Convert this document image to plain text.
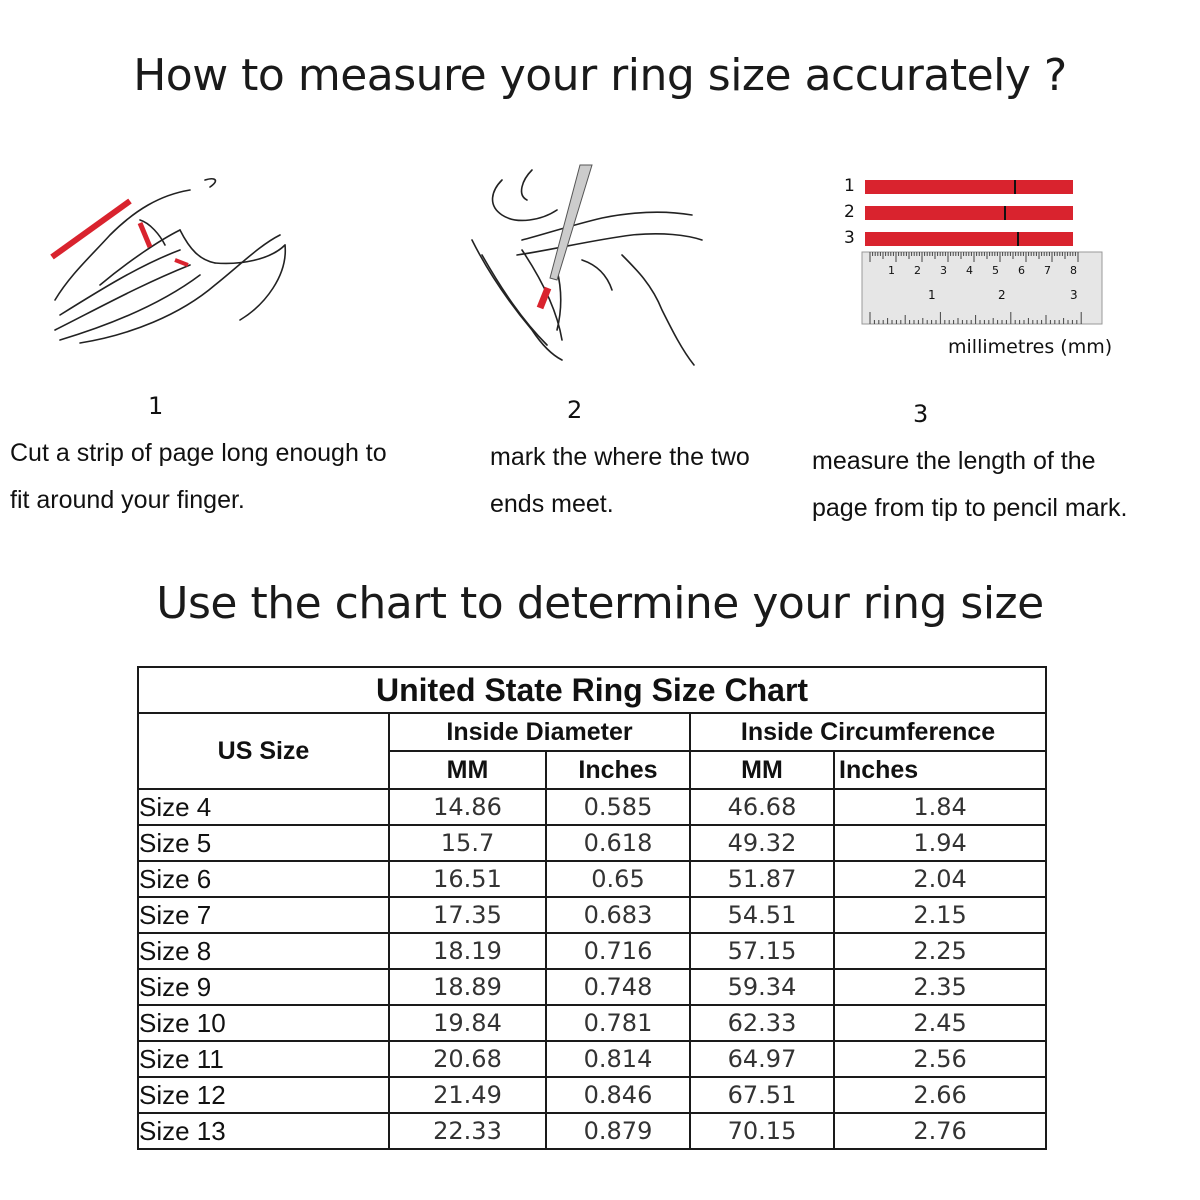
How to measure your ring size accurately ?
1
2
3
1 2 3 4 5 6 7 8
1	2	3
millimetres (mm)
1
Cut a strip of page long enough to
fit around your finger.
2
mark the where the two
ends meet.
3
measure the length of the
page from tip to pencil mark.
Use the chart to determine your ring size
United State Ring Size Chart				
US Size	Inside Diameter		Inside Circumference	
	MM	Inches	MM	Inches
Size 4	14.86	0.585	46.68	1.84
Size 5	15.7	0.618	49.32	1.94
Size 6	16.51	0.65	51.87	2.04
Size 7	17.35	0.683	54.51	2.15
Size 8	18.19	0.716	57.15	2.25
Size 9	18.89	0.748	59.34	2.35
Size 10	19.84	0.781	62.33	2.45
Size 11	20.68	0.814	64.97	2.56
Size 12	21.49	0.846	67.51	2.66
Size 13	22.33	0.879	70.15	2.76
